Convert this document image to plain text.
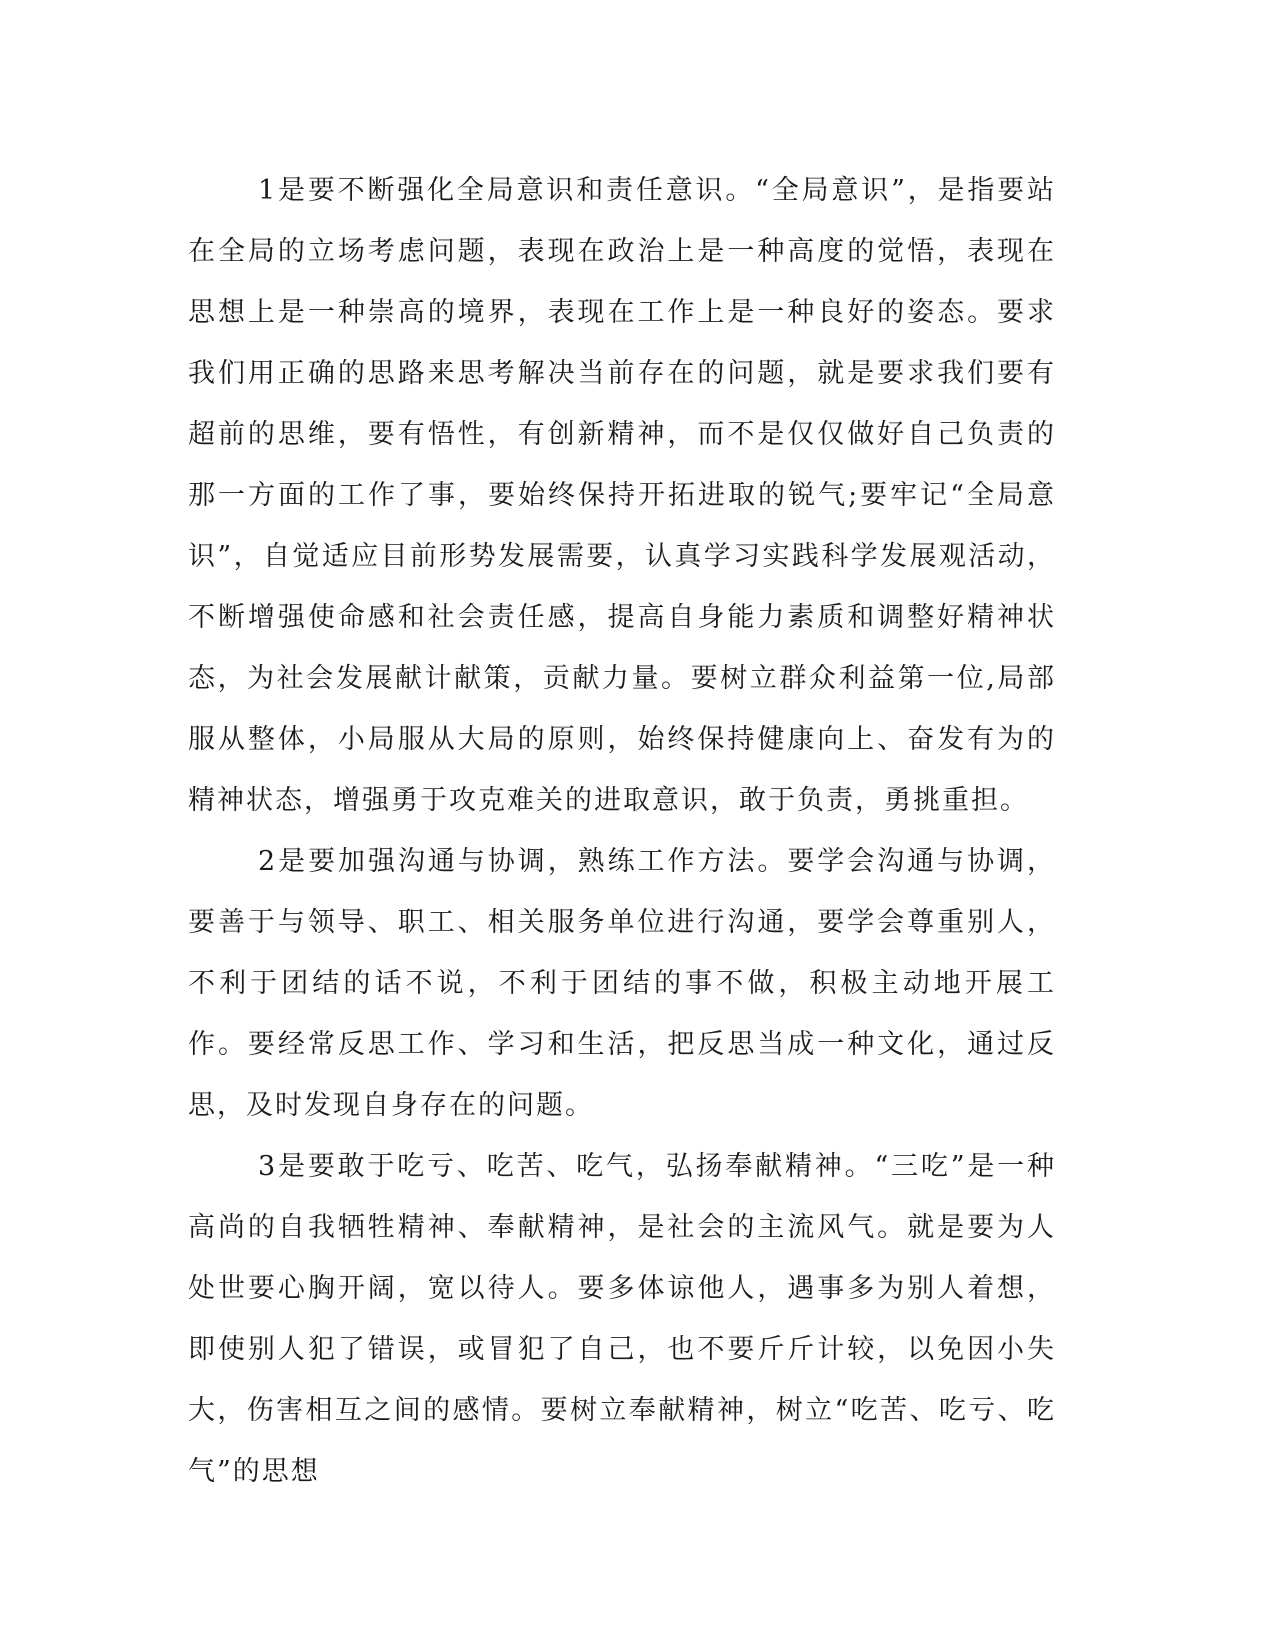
1是要不断强化全局意识和责任意识。“全局意识”，是指要站在全局的立场考虑问题，表现在政治上是一种高度的觉悟，表现在思想上是一种崇高的境界，表现在工作上是一种良好的姿态。要求我们用正确的思路来思考解决当前存在的问题，就是要求我们要有超前的思维，要有悟性，有创新精神，而不是仅仅做好自己负责的那一方面的工作了事，要始终保持开拓进取的锐气;要牢记“全局意识”，自觉适应目前形势发展需要，认真学习实践科学发展观活动，不断增强使命感和社会责任感，提高自身能力素质和调整好精神状态，为社会发展献计献策，贡献力量。要树立群众利益第一位,局部服从整体，小局服从大局的原则，始终保持健康向上、奋发有为的精神状态，增强勇于攻克难关的进取意识，敢于负责，勇挑重担。

2是要加强沟通与协调，熟练工作方法。要学会沟通与协调，要善于与领导、职工、相关服务单位进行沟通，要学会尊重别人，不利于团结的话不说，不利于团结的事不做，积极主动地开展工作。要经常反思工作、学习和生活，把反思当成一种文化，通过反思，及时发现自身存在的问题。

3是要敢于吃亏、吃苦、吃气，弘扬奉献精神。“三吃”是一种高尚的自我牺牲精神、奉献精神，是社会的主流风气。就是要为人处世要心胸开阔，宽以待人。要多体谅他人，遇事多为别人着想，即使别人犯了错误，或冒犯了自己，也不要斤斤计较，以免因小失大，伤害相互之间的感情。要树立奉献精神，树立“吃苦、吃亏、吃气”的思想
